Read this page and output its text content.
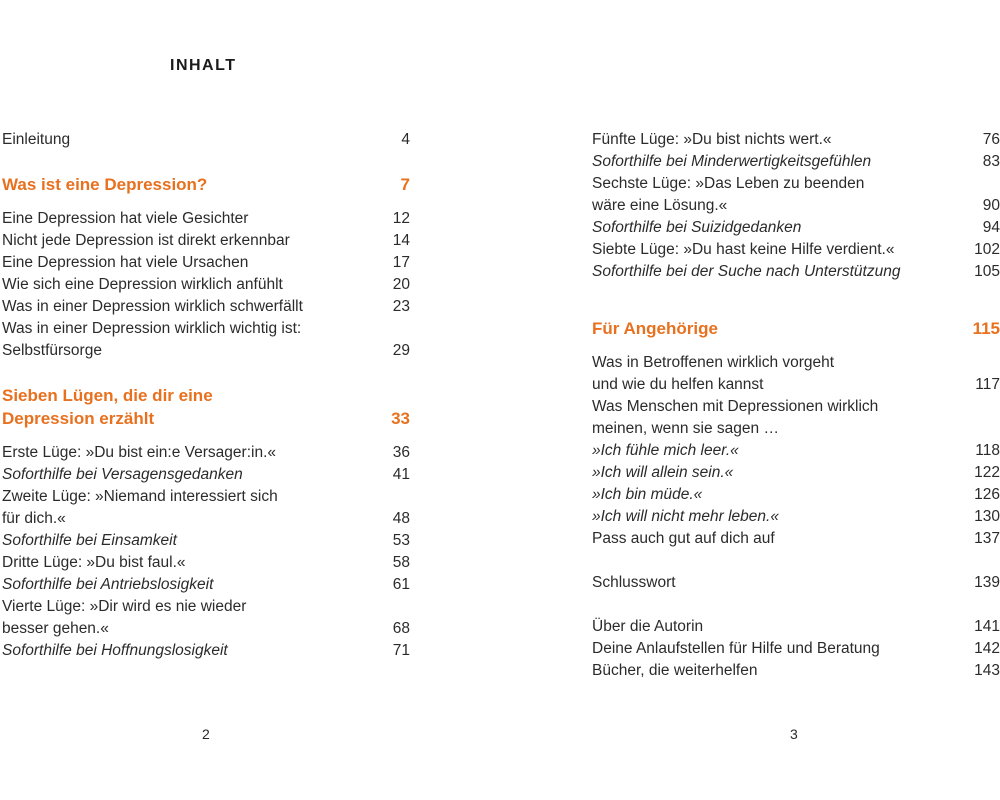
INHALT
Einleitung	4
Was ist eine Depression?	7
Eine Depression hat viele Gesichter	12
Nicht jede Depression ist direkt erkennbar	14
Eine Depression hat viele Ursachen	17
Wie sich eine Depression wirklich anfühlt	20
Was in einer Depression wirklich schwerfällt	23
Was in einer Depression wirklich wichtig ist:
Selbstfürsorge	29
Sieben Lügen, die dir eine
Depression erzählt	33
Erste Lüge: »Du bist ein:e Versager:in.«	36
Soforthilfe bei Versagensgedanken	41
Zweite Lüge: »Niemand interessiert sich
für dich.«	48
Soforthilfe bei Einsamkeit	53
Dritte Lüge: »Du bist faul.«	58
Soforthilfe bei Antriebslosigkeit	61
Vierte Lüge: »Dir wird es nie wieder
besser gehen.«	68
Soforthilfe bei Hoffnungslosigkeit	71
2
Fünfte Lüge: »Du bist nichts wert.«	76
Soforthilfe bei Minderwertigkeitsgefühlen	83
Sechste Lüge: »Das Leben zu beenden
wäre eine Lösung.«	90
Soforthilfe bei Suizidgedanken	94
Siebte Lüge: »Du hast keine Hilfe verdient.«	102
Soforthilfe bei der Suche nach Unterstützung	105
Für Angehörige	115
Was in Betroffenen wirklich vorgeht
und wie du helfen kannst	117
Was Menschen mit Depressionen wirklich
meinen, wenn sie sagen …
»Ich fühle mich leer.«	118
»Ich will allein sein.«	122
»Ich bin müde.«	126
»Ich will nicht mehr leben.«	130
Pass auch gut auf dich auf	137
Schlusswort	139
Über die Autorin	141
Deine Anlaufstellen für Hilfe und Beratung	142
Bücher, die weiterhelfen	143
3
